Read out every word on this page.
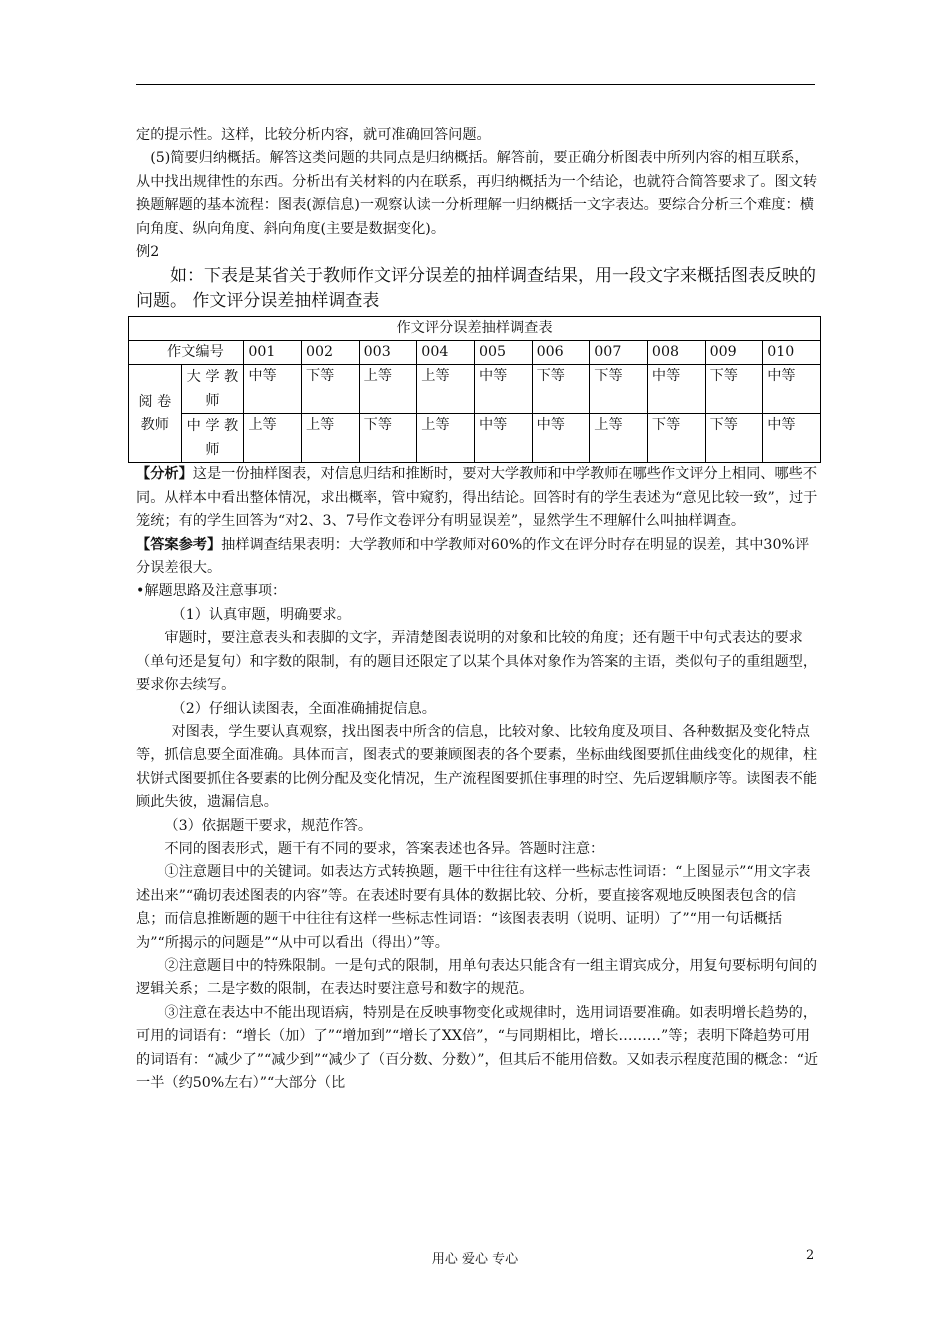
定的提示性。这样，比较分析内容，就可准确回答问题。

(5)简要归纳概括。解答这类问题的共同点是归纳概括。解答前，要正确分析图表中所列内容的相互联系，从中找出规律性的东西。分析出有关材料的内在联系，再归纳概括为一个结论，也就符合简答要求了。图文转换题解题的基本流程：图表(源信息)一观察认读一分析理解一归纳概括一文字表达。要综合分析三个难度：横向角度、纵向角度、斜向角度(主要是数据变化)。

例2

如：下表是某省关于教师作文评分误差的抽样调查结果，用一段文字来概括图表反映的问题。 作文评分误差抽样调查表

作文评分误差抽样调查表											
作文编号		001	002	003	004	005	006	007	008	009	010
阅 卷 教师	大 学 教师	中等	下等	上等	上等	中等	下等	下等	中等	下等	中等
	中 学 教师	上等	上等	下等	上等	中等	中等	上等	下等	下等	中等

【分析】这是一份抽样图表，对信息归结和推断时，要对大学教师和中学教师在哪些作文评分上相同、哪些不同。从样本中看出整体情况，求出概率，管中窥豹，得出结论。回答时有的学生表述为“意见比较一致”，过于笼统；有的学生回答为“对2、3、7号作文卷评分有明显误差”，显然学生不理解什么叫抽样调查。

【答案参考】抽样调查结果表明：大学教师和中学教师对60%的作文在评分时存在明显的误差，其中30%评分误差很大。

•解题思路及注意事项：

（1）认真审题，明确要求。

审题时，要注意表头和表脚的文字，弄清楚图表说明的对象和比较的角度；还有题干中句式表达的要求（单句还是复句）和字数的限制，有的题目还限定了以某个具体对象作为答案的主语，类似句子的重组题型，要求你去续写。

（2）仔细认读图表，全面准确捕捉信息。

对图表，学生要认真观察，找出图表中所含的信息，比较对象、比较角度及项目、各种数据及变化特点等，抓信息要全面准确。具体而言，图表式的要兼顾图表的各个要素，坐标曲线图要抓住曲线变化的规律，柱状饼式图要抓住各要素的比例分配及变化情况，生产流程图要抓住事理的时空、先后逻辑顺序等。读图表不能顾此失彼，遗漏信息。

（3）依据题干要求，规范作答。

不同的图表形式，题干有不同的要求，答案表述也各异。答题时注意：

①注意题目中的关键词。如表达方式转换题，题干中往往有这样一些标志性词语：“上图显示”“用文字表述出来”“确切表述图表的内容”等。在表述时要有具体的数据比较、分析，要直接客观地反映图表包含的信息；而信息推断题的题干中往往有这样一些标志性词语：“该图表表明（说明、证明）了”“用一句话概括为”“所揭示的问题是”“从中可以看出（得出）”等。

②注意题目中的特殊限制。一是句式的限制，用单句表达只能含有一组主谓宾成分，用复句要标明句间的逻辑关系；二是字数的限制，在表达时要注意号和数字的规范。

③注意在表达中不能出现语病，特别是在反映事物变化或规律时，选用词语要准确。如表明增长趋势的，可用的词语有：“增长（加）了”“增加到”“增长了XX倍”，“与同期相比，增长………”等；表明下降趋势可用的词语有：“减少了”“减少到”“减少了（百分数、分数）”，但其后不能用倍数。又如表示程度范围的概念：“近一半（约50%左右）”“大部分（比

用心 爱心 专心	2
